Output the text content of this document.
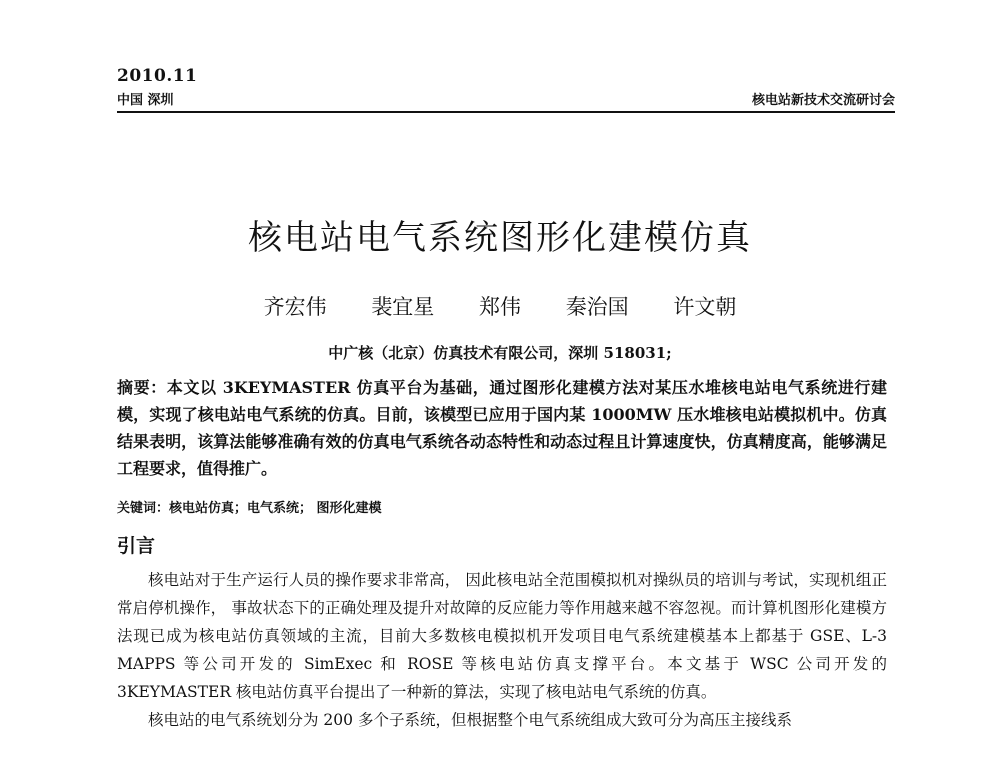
2010.11
中国 深圳	核电站新技术交流研讨会
核电站电气系统图形化建模仿真
齐宏伟 裴宜星 郑伟 秦治国 许文朝
中广核（北京）仿真技术有限公司，深圳 518031;
摘要：本文以 3KEYMASTER 仿真平台为基础，通过图形化建模方法对某压水堆核电站电气系统进行建模，实现了核电站电气系统的仿真。目前，该模型已应用于国内某 1000MW 压水堆核电站模拟机中。仿真结果表明，该算法能够准确有效的仿真电气系统各动态特性和动态过程且计算速度快，仿真精度高，能够满足工程要求，值得推广。
关键词：核电站仿真；电气系统； 图形化建模
引言

核电站对于生产运行人员的操作要求非常高， 因此核电站全范围模拟机对操纵员的培训与考试，实现机组正常启停机操作， 事故状态下的正确处理及提升对故障的反应能力等作用越来越不容忽视。而计算机图形化建模方法现已成为核电站仿真领域的主流，目前大多数核电模拟机开发项目电气系统建模基本上都基于 GSE、L-3 MAPPS 等公司开发的 SimExec 和 ROSE 等核电站仿真支撑平台。本文基于 WSC 公司开发的 3KEYMASTER 核电站仿真平台提出了一种新的算法，实现了核电站电气系统的仿真。

核电站的电气系统划分为 200 多个子系统，但根据整个电气系统组成大致可分为高压主接线系
